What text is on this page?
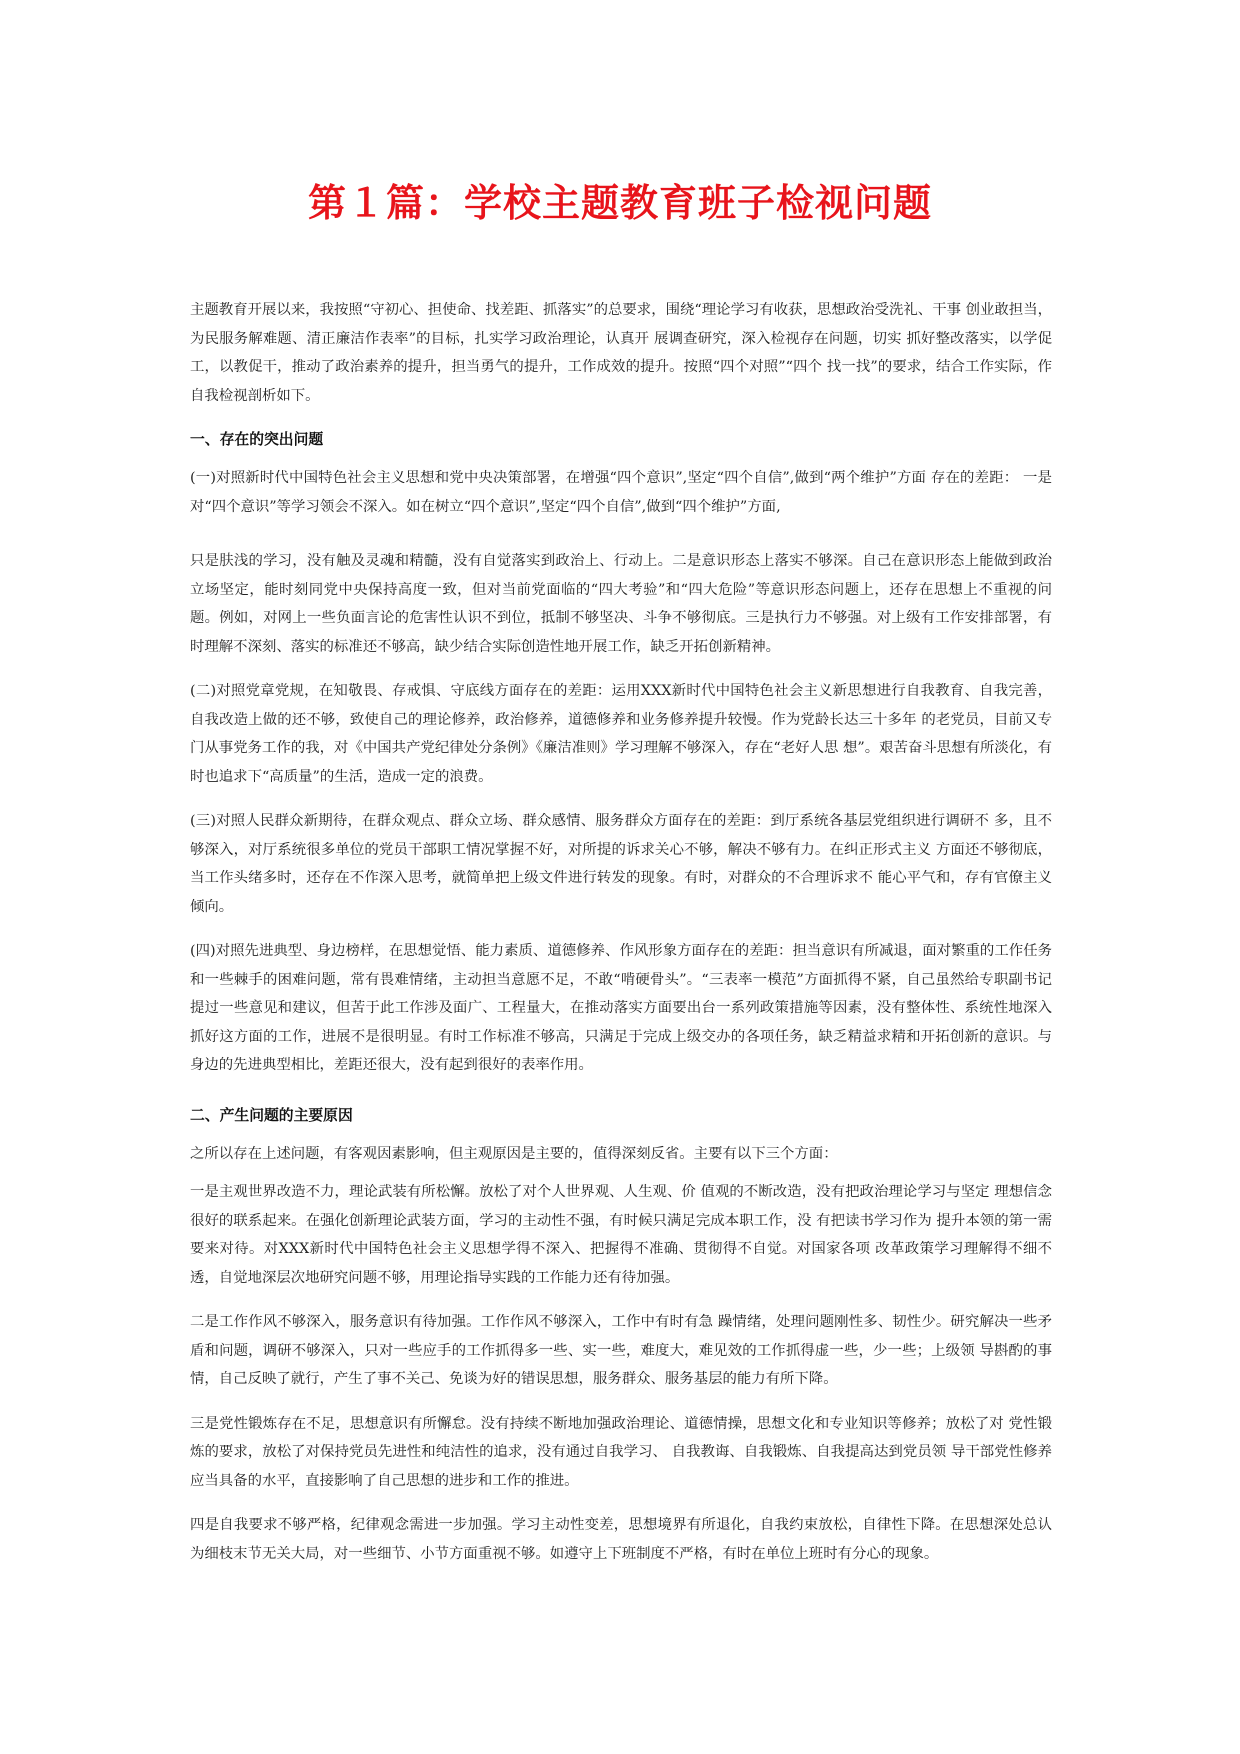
第１篇：学校主题教育班子检视问题

主题教育开展以来，我按照“守初心、担使命、找差距、抓落实”的总要求，围绕“理论学习有收获，思想政治受洗礼、干事 创业敢担当，为民服务解难题、清正廉洁作表率”的目标，扎实学习政治理论，认真开 展调查研究，深入检视存在问题，切实 抓好整改落实，以学促工，以教促干，推动了政治素养的提升，担当勇气的提升，工作成效的提升。按照“四个对照”“四个 找一找”的要求，结合工作实际，作自我检视剖析如下。

一、存在的突出问题

(一)对照新时代中国特色社会主义思想和党中央决策部署，在增强“四个意识”,坚定“四个自信”,做到“两个维护”方面 存在的差距： 一是对“四个意识”等学习领会不深入。如在树立“四个意识”,坚定“四个自信”,做到“四个维护”方面,

只是肤浅的学习，没有触及灵魂和精髓，没有自觉落实到政治上、行动上。二是意识形态上落实不够深。自己在意识形态上能做到政治立场坚定，能时刻同党中央保持高度一致，但对当前党面临的“四大考验”和“四大危险”等意识形态问题上，还存在思想上不重视的问题。例如，对网上一些负面言论的危害性认识不到位，抵制不够坚决、斗争不够彻底。三是执行力不够强。对上级有工作安排部署，有时理解不深刻、落实的标准还不够高，缺少结合实际创造性地开展工作，缺乏开拓创新精神。

(二)对照党章党规，在知敬畏、存戒惧、守底线方面存在的差距：运用XXX新时代中国特色社会主义新思想进行自我教育、自我完善，自我改造上做的还不够，致使自己的理论修养，政治修养，道德修养和业务修养提升较慢。作为党龄长达三十多年 的老党员，目前又专门从事党务工作的我，对《中国共产党纪律处分条例》《廉洁准则》学习理解不够深入，存在“老好人思 想”。艰苦奋斗思想有所淡化，有时也追求下“高质量”的生活，造成一定的浪费。

(三)对照人民群众新期待，在群众观点、群众立场、群众感情、服务群众方面存在的差距：到厅系统各基层党组织进行调研不 多，且不够深入，对厅系统很多单位的党员干部职工情况掌握不好，对所提的诉求关心不够，解决不够有力。在纠正形式主义 方面还不够彻底，当工作头绪多时，还存在不作深入思考，就简单把上级文件进行转发的现象。有时，对群众的不合理诉求不 能心平气和，存有官僚主义倾向。

(四)对照先进典型、身边榜样，在思想觉悟、能力素质、道德修养、作风形象方面存在的差距：担当意识有所减退，面对繁重的工作任务和一些棘手的困难问题，常有畏难情绪，主动担当意愿不足，不敢“啃硬骨头”。“三表率一模范”方面抓得不紧，自己虽然给专职副书记提过一些意见和建议，但苦于此工作涉及面广、工程量大，在推动落实方面要出台一系列政策措施等因素，没有整体性、系统性地深入抓好这方面的工作，进展不是很明显。有时工作标准不够高，只满足于完成上级交办的各项任务，缺乏精益求精和开拓创新的意识。与身边的先进典型相比，差距还很大，没有起到很好的表率作用。

二、产生问题的主要原因

之所以存在上述问题，有客观因素影响，但主观原因是主要的，值得深刻反省。主要有以下三个方面：

一是主观世界改造不力，理论武装有所松懈。放松了对个人世界观、人生观、价 值观的不断改造，没有把政治理论学习与坚定 理想信念很好的联系起来。在强化创新理论武装方面，学习的主动性不强，有时候只满足完成本职工作，没 有把读书学习作为 提升本领的第一需要来对待。对XXX新时代中国特色社会主义思想学得不深入、把握得不准确、贯彻得不自觉。对国家各项 改革政策学习理解得不细不透，自觉地深层次地研究问题不够，用理论指导实践的工作能力还有待加强。

二是工作作风不够深入，服务意识有待加强。工作作风不够深入，工作中有时有急 躁情绪，处理问题刚性多、韧性少。研究解决一些矛盾和问题，调研不够深入，只对一些应手的工作抓得多一些、实一些，难度大，难见效的工作抓得虚一些，少一些；上级领 导斟酌的事情，自己反映了就行，产生了事不关己、免谈为好的错误思想，服务群众、服务基层的能力有所下降。

三是党性锻炼存在不足，思想意识有所懈怠。没有持续不断地加强政治理论、道德情操，思想文化和专业知识等修养；放松了对 党性锻炼的要求，放松了对保持党员先进性和纯洁性的追求，没有通过自我学习、 自我教诲、自我锻炼、自我提高达到党员领 导干部党性修养应当具备的水平，直接影响了自己思想的进步和工作的推进。

四是自我要求不够严格，纪律观念需进一步加强。学习主动性变差，思想境界有所退化，自我约束放松，自律性下降。在思想深处总认为细枝末节无关大局，对一些细节、小节方面重视不够。如遵守上下班制度不严格，有时在单位上班时有分心的现象。
